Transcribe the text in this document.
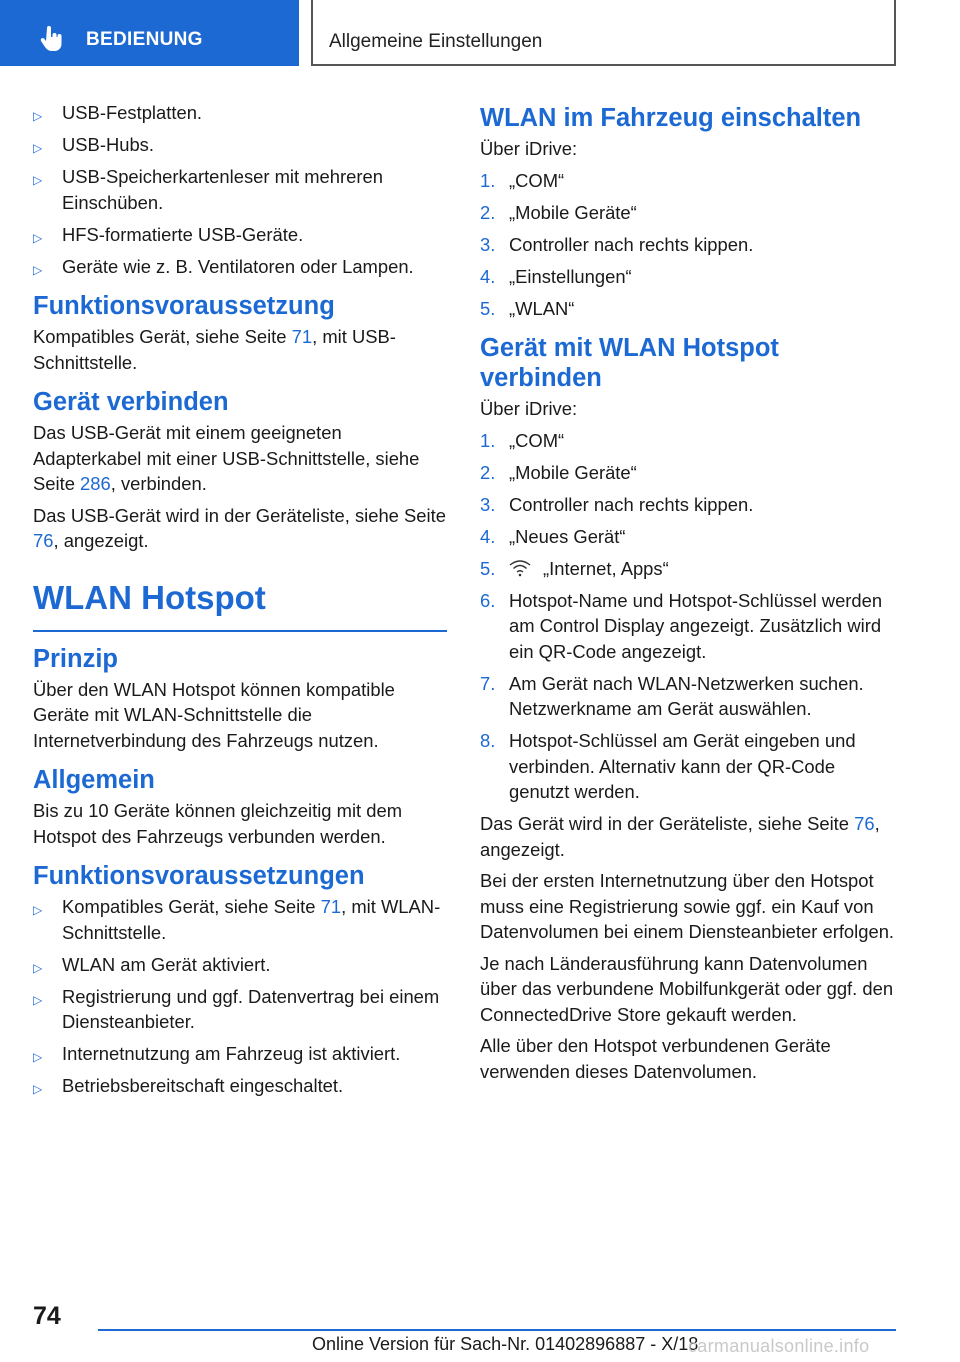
BEDIENUNG	Allgemeine Einstellungen
▷ USB-Festplatten.
▷ USB-Hubs.
▷ USB-Speicherkartenleser mit mehreren Einschüben.
▷ HFS-formatierte USB-Geräte.
▷ Geräte wie z. B. Ventilatoren oder Lampen.
Funktionsvoraussetzung

Kompatibles Gerät, siehe Seite 71, mit USB-Schnittstelle.

Gerät verbinden

Das USB-Gerät mit einem geeigneten Adapterkabel mit einer USB-Schnittstelle, siehe Seite 286, verbinden.

Das USB-Gerät wird in der Geräteliste, siehe Seite 76, angezeigt.

WLAN Hotspot
Prinzip

Über den WLAN Hotspot können kompatible Geräte mit WLAN-Schnittstelle die Internetverbindung des Fahrzeugs nutzen.

Allgemein

Bis zu 10 Geräte können gleichzeitig mit dem Hotspot des Fahrzeugs verbunden werden.

Funktionsvoraussetzungen
▷ Kompatibles Gerät, siehe Seite 71, mit WLAN-Schnittstelle.
▷ WLAN am Gerät aktiviert.
▷ Registrierung und ggf. Datenvertrag bei einem Diensteanbieter.
▷ Internetnutzung am Fahrzeug ist aktiviert.
▷ Betriebsbereitschaft eingeschaltet.
WLAN im Fahrzeug einschalten

Über iDrive:

1. „COM“
2. „Mobile Geräte“
3. Controller nach rechts kippen.
4. „Einstellungen“
5. „WLAN“
Gerät mit WLAN Hotspot verbinden

Über iDrive:

1. „COM“
2. „Mobile Geräte“
3. Controller nach rechts kippen.
4. „Neues Gerät“
5.	„Internet, Apps“
6. Hotspot-Name und Hotspot-Schlüssel werden am Control Display angezeigt. Zusätzlich wird ein QR-Code angezeigt.
7. Am Gerät nach WLAN-Netzwerken suchen. Netzwerkname am Gerät auswählen.
8. Hotspot-Schlüssel am Gerät eingeben und verbinden. Alternativ kann der QR-Code genutzt werden.

Das Gerät wird in der Geräteliste, siehe Seite 76, angezeigt.

Bei der ersten Internetnutzung über den Hotspot muss eine Registrierung sowie ggf. ein Kauf von Datenvolumen bei einem Diensteanbieter erfolgen.

Je nach Länderausführung kann Datenvolumen über das verbundene Mobilfunkgerät oder ggf. den ConnectedDrive Store gekauft werden.

Alle über den Hotspot verbundenen Geräte verwenden dieses Datenvolumen.

74
Online Version für Sach-Nr. 01402896887 - X/18
carmanualsonline.info
